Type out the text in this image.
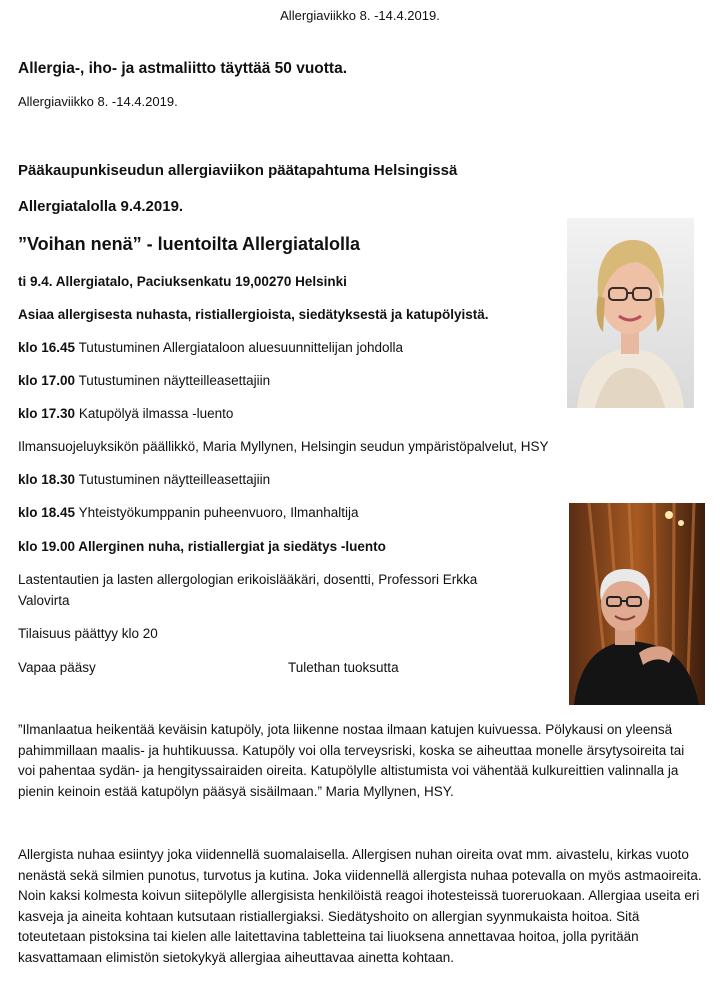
Allergiaviikko 8. -14.4.2019.
Allergia-, iho- ja astmaliitto täyttää 50 vuotta.
Allergiaviikko 8. -14.4.2019.
Pääkaupunkiseudun allergiaviikon päätapahtuma Helsingissä
Allergiatalolla 9.4.2019.
”Voihan nenä” - luentoilta Allergiatalolla
ti 9.4. Allergiatalo, Paciuksenkatu 19,00270 Helsinki
Asiaa allergisesta nuhasta, ristiallergioista, siedätyksestä ja katupölyistä.
klo 16.45 Tutustuminen Allergiataloon aluesuunnittelijan johdolla
klo 17.00 Tutustuminen näytteilleasettajiin
klo 17.30 Katupölyä ilmassa -luento
Ilmansuojeluyksikön päällikkö, Maria Myllynen, Helsingin seudun ympäristöpalvelut, HSY
klo 18.30 Tutustuminen näytteilleasettajiin
klo 18.45 Yhteistyökumppanin puheenvuoro, Ilmanhaltija
klo 19.00 Allerginen nuha, ristiallergiat ja siedätys -luento
Lastentautien ja lasten allergologian erikoislääkäri, dosentti, Professori Erkka
Valovirta
Tilaisuus päättyy klo 20
Vapaa pääsy	Tulethan tuoksutta
”Ilmanlaatua heikentää keväisin katupöly, jota liikenne nostaa ilmaan katujen kuivuessa. Pölykausi on yleensä pahimmillaan maalis- ja huhtikuussa. Katupöly voi olla terveysriski, koska se aiheuttaa monelle ärsytysoireita tai voi pahentaa sydän- ja hengityssairaiden oireita. Katupölylle altistumista voi vähentää kulkureittien valinnalla ja pienin keinoin estää katupölyn pääsyä sisäilmaan.” Maria Myllynen, HSY.
Allergista nuhaa esiintyy joka viidennellä suomalaisella. Allergisen nuhan oireita ovat mm. aivastelu, kirkas vuoto nenästä sekä silmien punotus, turvotus ja kutina. Joka viidennellä allergista nuhaa potevalla on myös astmaoireita. Noin kaksi kolmesta koivun siitepölylle allergisista henkilöistä reagoi ihotesteissä tuoreruokaan. Allergiaa useita eri kasveja ja aineita kohtaan kutsutaan ristiallergiaksi. Siedätyshoito on allergian syynmukaista hoitoa. Sitä toteutetaan pistoksina tai kielen alle laitettavina tabletteina tai liuoksena annettavaa hoitoa, jolla pyritään kasvattamaan elimistön sietokykyä allergiaa aiheuttavaa ainetta kohtaan.
